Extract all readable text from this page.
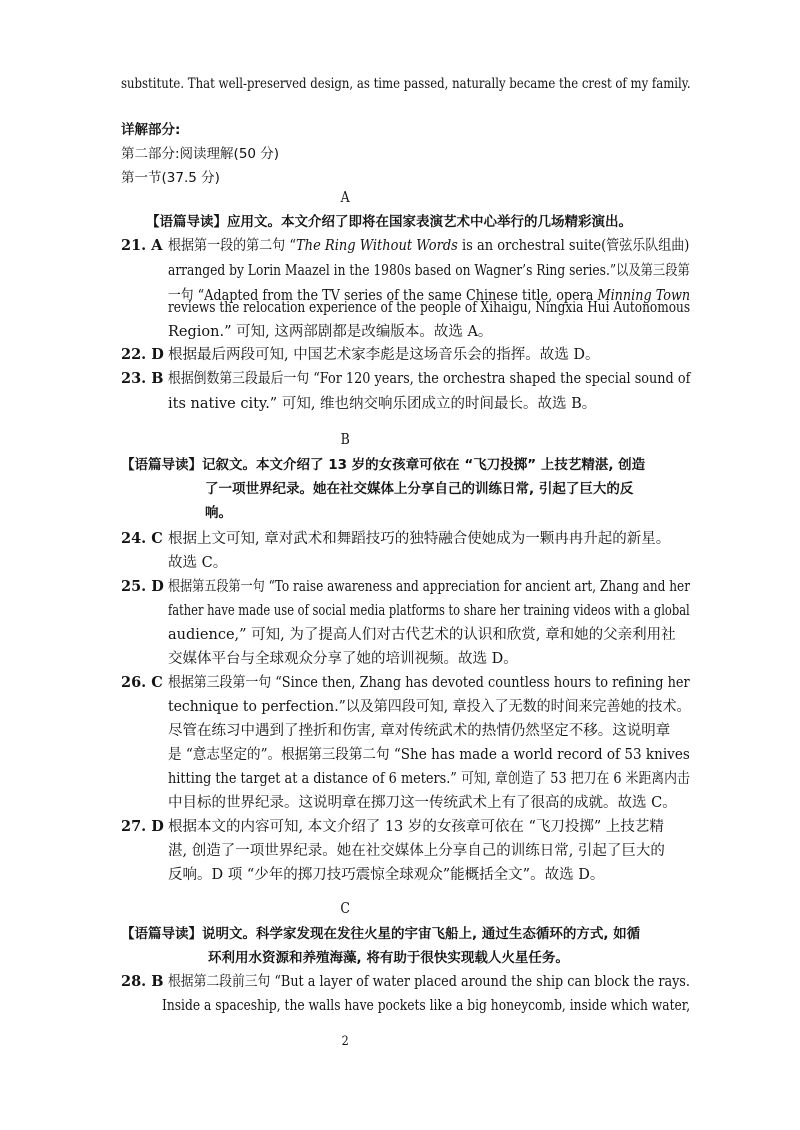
substitute. That well-preserved design, as time passed, naturally became the crest of my family.
详解部分:
第二部分:阅读理解(50 分)
第一节(37.5 分)
A
【语篇导读】应用文。本文介绍了即将在国家表演艺术中心举行的几场精彩演出。
21. A 根据第一段的第二句 “The Ring Without Words is an orchestral suite(管弦乐队组曲)
arranged by Lorin Maazel in the 1980s based on Wagner’s Ring series.”以及第三段第
一句 “Adapted from the TV series of the same Chinese title, opera Minning Town
reviews the relocation experience of the people of Xihaigu, Ningxia Hui Autonomous
Region.” 可知, 这两部剧都是改编版本。故选 A。
22. D 根据最后两段可知, 中国艺术家李彪是这场音乐会的指挥。故选 D。
23. B 根据倒数第三段最后一句 “For 120 years, the orchestra shaped the special sound of
its native city.” 可知, 维也纳交响乐团成立的时间最长。故选 B。
B
【语篇导读】记叙文。本文介绍了 13 岁的女孩章可依在 “飞刀投掷” 上技艺精湛, 创造
了一项世界纪录。她在社交媒体上分享自己的训练日常, 引起了巨大的反
响。
24. C 根据上文可知, 章对武术和舞蹈技巧的独特融合使她成为一颗冉冉升起的新星。
故选 C。
25. D 根据第五段第一句 “To raise awareness and appreciation for ancient art, Zhang and her
father have made use of social media platforms to share her training videos with a global
audience,” 可知, 为了提高人们对古代艺术的认识和欣赏, 章和她的父亲利用社
交媒体平台与全球观众分享了她的培训视频。故选 D。
26. C 根据第三段第一句 “Since then, Zhang has devoted countless hours to refining her
technique to perfection.”以及第四段可知, 章投入了无数的时间来完善她的技术。
尽管在练习中遇到了挫折和伤害, 章对传统武术的热情仍然坚定不移。这说明章
是 “意志坚定的”。根据第三段第二句 “She has made a world record of 53 knives
hitting the target at a distance of 6 meters.” 可知, 章创造了 53 把刀在 6 米距离内击
中目标的世界纪录。这说明章在掷刀这一传统武术上有了很高的成就。故选 C。
27. D 根据本文的内容可知, 本文介绍了 13 岁的女孩章可依在 “飞刀投掷” 上技艺精
湛, 创造了一项世界纪录。她在社交媒体上分享自己的训练日常, 引起了巨大的
反响。D 项 “少年的掷刀技巧震惊全球观众”能概括全文”。故选 D。
C
【语篇导读】说明文。科学家发现在发往火星的宇宙飞船上, 通过生态循环的方式, 如循
环利用水资源和养殖海藻, 将有助于很快实现载人火星任务。
28. B 根据第二段前三句 “But a layer of water placed around the ship can block the rays.
Inside a spaceship, the walls have pockets like a big honeycomb, inside which water,
2
